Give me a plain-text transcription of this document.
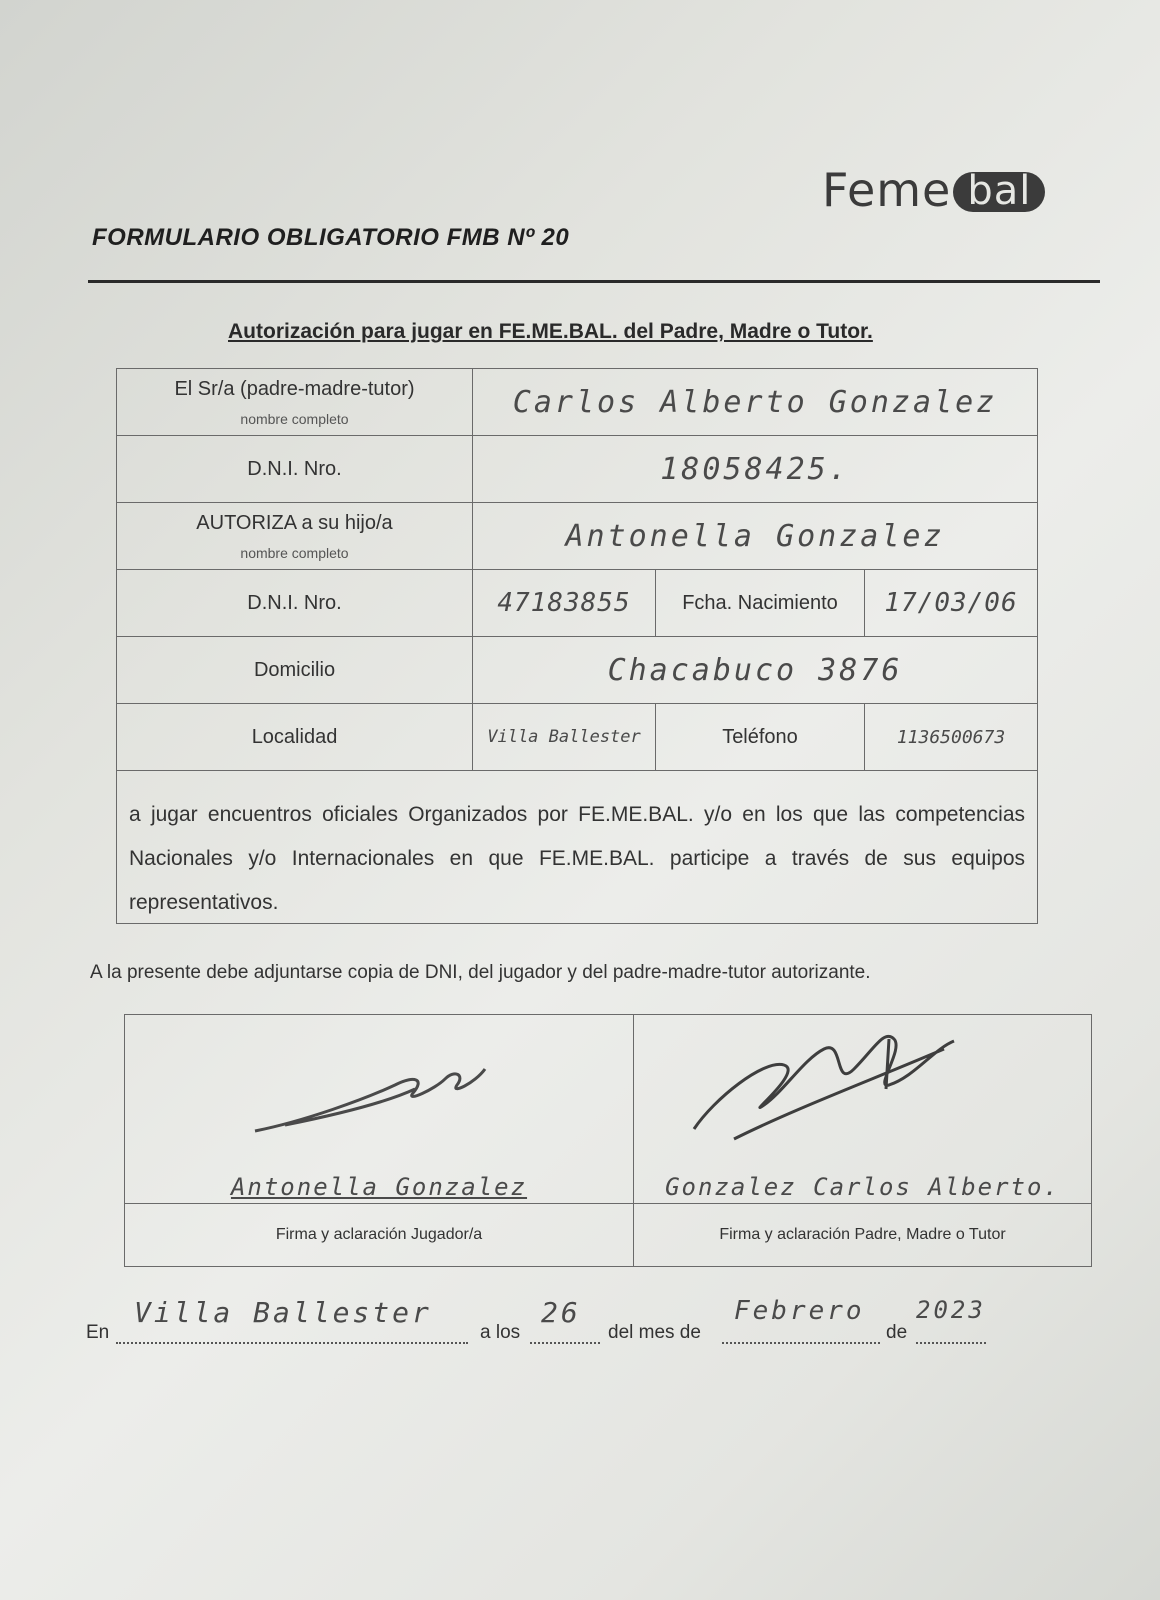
Feme bal
FORMULARIO OBLIGATORIO FMB Nº 20
Autorización para jugar en FE.ME.BAL. del Padre, Madre o Tutor.
El Sr/a (padre-madre-tutor)
nombre completo	Carlos Alberto Gonzalez
D.N.I. Nro.	18058425.
AUTORIZA a su hijo/a
nombre completo	Antonella Gonzalez
D.N.I. Nro.	47183855	Fcha. Nacimiento 17/03/06
Domicilio	Chacabuco 3876
Localidad	Villa Ballester	Teléfono	1136500673
a jugar encuentros oficiales Organizados por FE.ME.BAL. y/o en los que las competencias Nacionales y/o Internacionales en que FE.ME.BAL. participe a través de sus equipos representativos.
A la presente debe adjuntarse copia de DNI, del jugador y del padre-madre-tutor autorizante.
Antonella Gonzalez	Gonzalez Carlos Alberto.
Firma y aclaración Jugador/a	Firma y aclaración Padre, Madre o Tutor
En
Villa Ballester
a los
26
del mes de
Febrero
de
2023
